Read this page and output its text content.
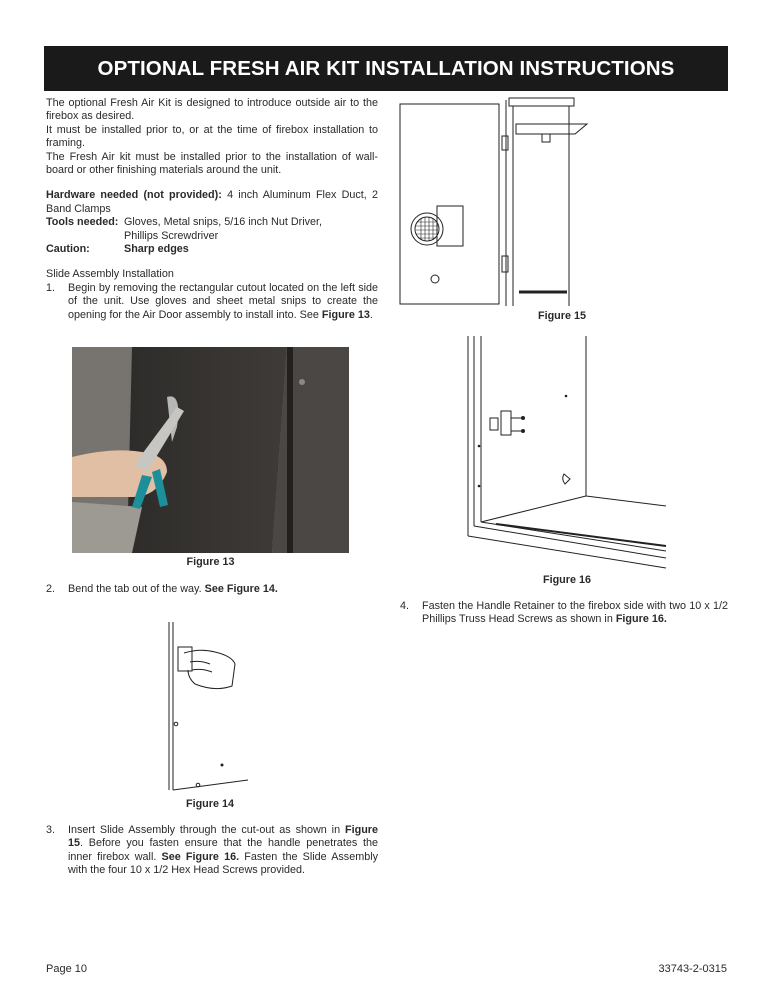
OPTIONAL FRESH AIR KIT INSTALLATION INSTRUCTIONS

The optional Fresh Air Kit is designed to introduce outside air to the firebox as desired.

It must be installed prior to, or at the time of firebox installation to framing.

The Fresh Air kit must be installed prior to the installation of wall-board or other finishing materials around the unit.

Hardware needed (not provided): 4 inch Aluminum Flex Duct, 2 Band Clamps

Tools needed: Gloves, Metal snips, 5/16 inch Nut Driver,
Phillips Screwdriver
Caution:	Sharp edges

Slide Assembly Installation

1.	Begin by removing the rectangular cutout located on the left side of the unit. Use gloves and sheet metal snips to create the opening for the Air Door assembly to install into. See Figure 13.
Figure 13
2.	Bend the tab out of the way. See Figure 14.
Figure 14
3.	Insert Slide Assembly through the cut-out as shown in Figure 15. Before you fasten ensure that the handle penetrates the inner firebox wall. See Figure 16. Fasten the Slide Assembly with the four 10 x 1/2 Hex Head Screws provided.
Figure 15
Figure 16
4.	Fasten the Handle Retainer to the firebox side with two 10 x 1/2 Phillips Truss Head Screws as shown in Figure 16.
Page 10	33743-2-0315
